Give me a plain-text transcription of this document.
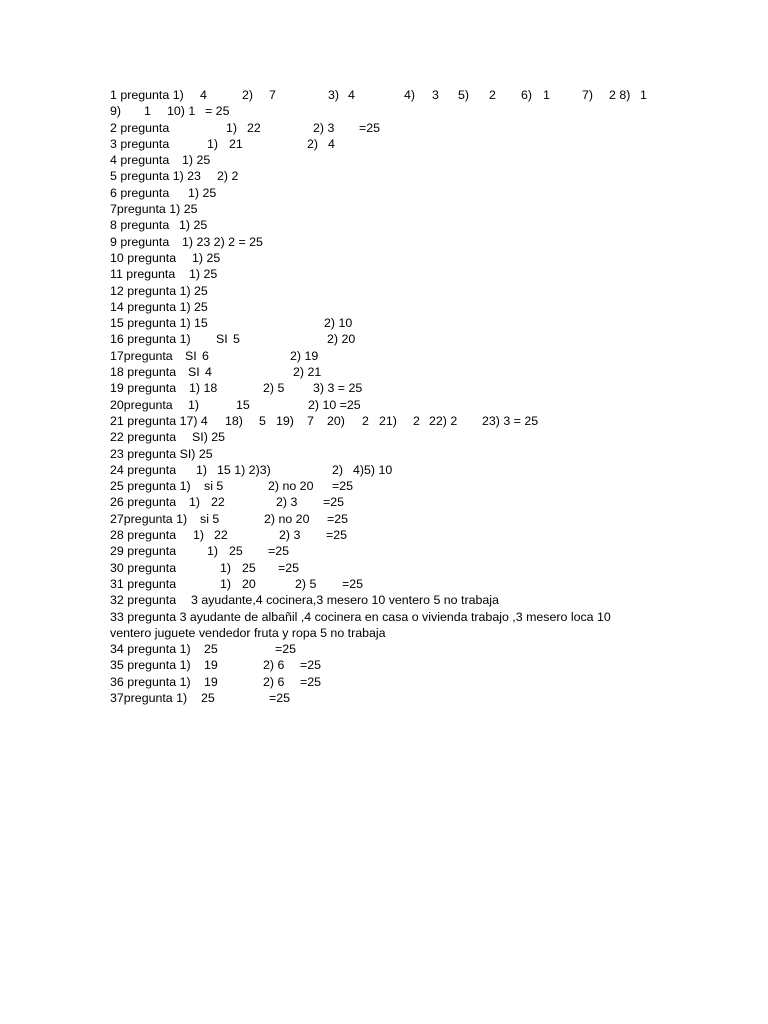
1 pregunta 1)

4

	2)

7

	3)

4

	4)

3

5)

2

6)

1

	7)

2 8)

1

9)

1

10) 1

= 25

2 pregunta

	1)

22

	2) 3

=25

3 pregunta

	1)

21

	2)

4

4 pregunta

1) 25

5 pregunta 1) 23

2) 2

6 pregunta

1) 25

7pregunta 1) 25

8 pregunta

1) 25

9 pregunta

1) 23 2) 2 = 25

10 pregunta

1) 25

11 pregunta

1) 25

12 pregunta 1) 25

14 pregunta 1) 25

15 pregunta 1) 15

	2) 10

16 pregunta 1)

SI

5

	2) 20

17pregunta

SI

6

	2) 19

18 pregunta

SI

4

	2) 21

19 pregunta

1) 18

	2) 5

3) 3 = 25

20pregunta

1)

	15

	2) 10 =25

21 pregunta 17) 4

18)

5

19)

7

20)

2

21)

2

22) 2

23) 3 = 25

22 pregunta

SI) 25

23 pregunta SI) 25

24 pregunta

1)

15 1) 2)3)

	2)

4)5) 10

25 pregunta 1)

si 5

	2) no 20

=25

26 pregunta

1)

22

	2) 3

=25

27pregunta 1)

si 5

	2) no 20

=25

28 pregunta

1)

22

	2) 3

=25

29 pregunta

1)

25

=25

30 pregunta

	1)

25

=25

31 pregunta

	1)

20

	2) 5

=25

32 pregunta

3 ayudante,4 cocinera,3 mesero 10 ventero 5 no trabaja

33 pregunta 3 ayudante de albañil ,4 cocinera en casa o vivienda trabajo ,3 mesero loca 10

ventero juguete vendedor fruta y ropa 5 no trabaja

34 pregunta 1)

25

	=25

35 pregunta 1)

19

	2) 6

=25

36 pregunta 1)

19

	2) 6

=25

37pregunta 1)

25

	=25
